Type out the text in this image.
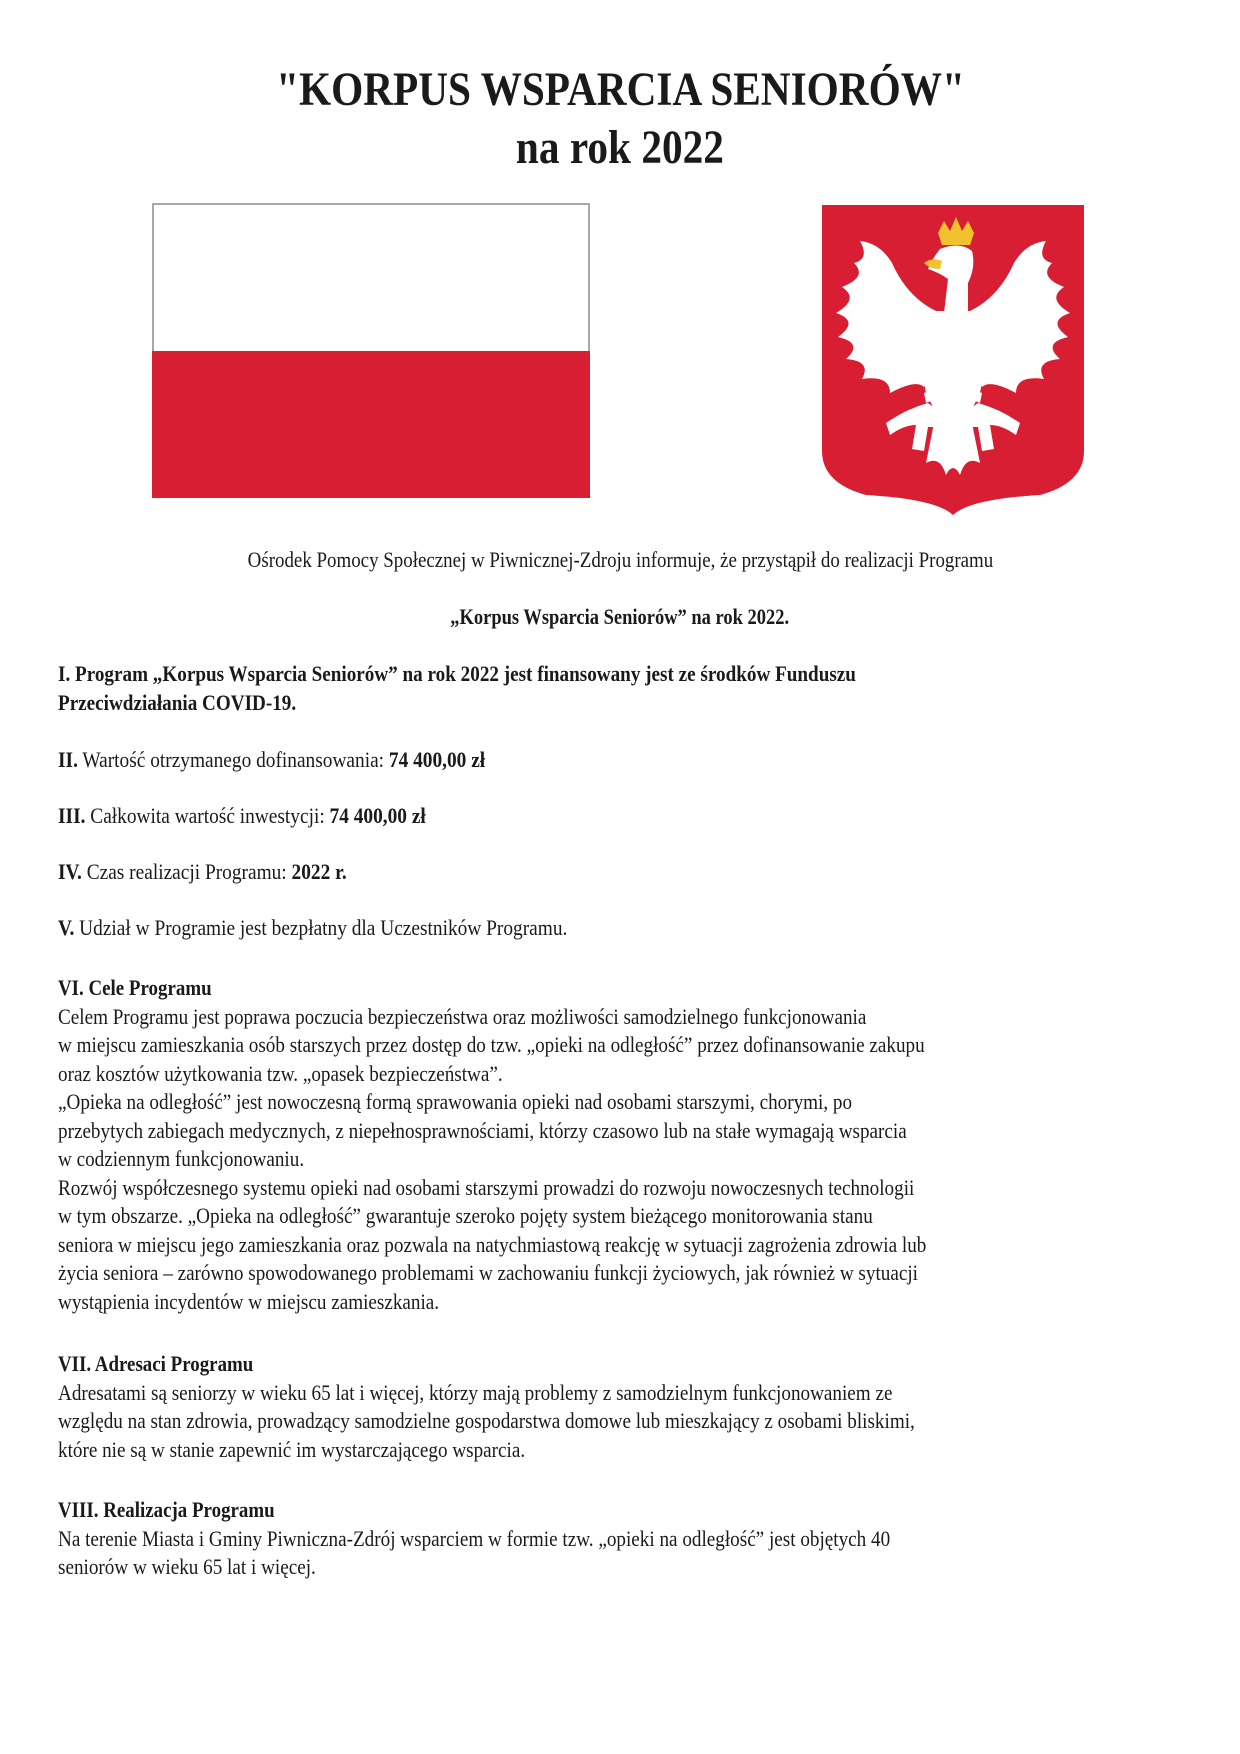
"KORPUS WSPARCIA SENIORÓW"
na rok 2022
Ośrodek Pomocy Społecznej w Piwnicznej-Zdroju informuje, że przystąpił do realizacji Programu
„Korpus Wsparcia Seniorów” na rok 2022.
I. Program „Korpus Wsparcia Seniorów” na rok 2022 jest finansowany jest ze środków Funduszu
Przeciwdziałania COVID-19.
II. Wartość otrzymanego dofinansowania: 74 400,00 zł
III. Całkowita wartość inwestycji: 74 400,00 zł
IV. Czas realizacji Programu: 2022 r.
V. Udział w Programie jest bezpłatny dla Uczestników Programu.
VI. Cele Programu
Celem Programu jest poprawa poczucia bezpieczeństwa oraz możliwości samodzielnego funkcjonowania
w miejscu zamieszkania osób starszych przez dostęp do tzw. „opieki na odległość” przez dofinansowanie zakupu
oraz kosztów użytkowania tzw. „opasek bezpieczeństwa”.
„Opieka na odległość” jest nowoczesną formą sprawowania opieki nad osobami starszymi, chorymi, po
przebytych zabiegach medycznych, z niepełnosprawnościami, którzy czasowo lub na stałe wymagają wsparcia
w codziennym funkcjonowaniu.
Rozwój współczesnego systemu opieki nad osobami starszymi prowadzi do rozwoju nowoczesnych technologii
w tym obszarze. „Opieka na odległość” gwarantuje szeroko pojęty system bieżącego monitorowania stanu
seniora w miejscu jego zamieszkania oraz pozwala na natychmiastową reakcję w sytuacji zagrożenia zdrowia lub
życia seniora – zarówno spowodowanego problemami w zachowaniu funkcji życiowych, jak również w sytuacji
wystąpienia incydentów w miejscu zamieszkania.
VII. Adresaci Programu
Adresatami są seniorzy w wieku 65 lat i więcej, którzy mają problemy z samodzielnym funkcjonowaniem ze
względu na stan zdrowia, prowadzący samodzielne gospodarstwa domowe lub mieszkający z osobami bliskimi,
które nie są w stanie zapewnić im wystarczającego wsparcia.
VIII. Realizacja Programu
Na terenie Miasta i Gminy Piwniczna-Zdrój wsparciem w formie tzw. „opieki na odległość” jest objętych 40
seniorów w wieku 65 lat i więcej.
